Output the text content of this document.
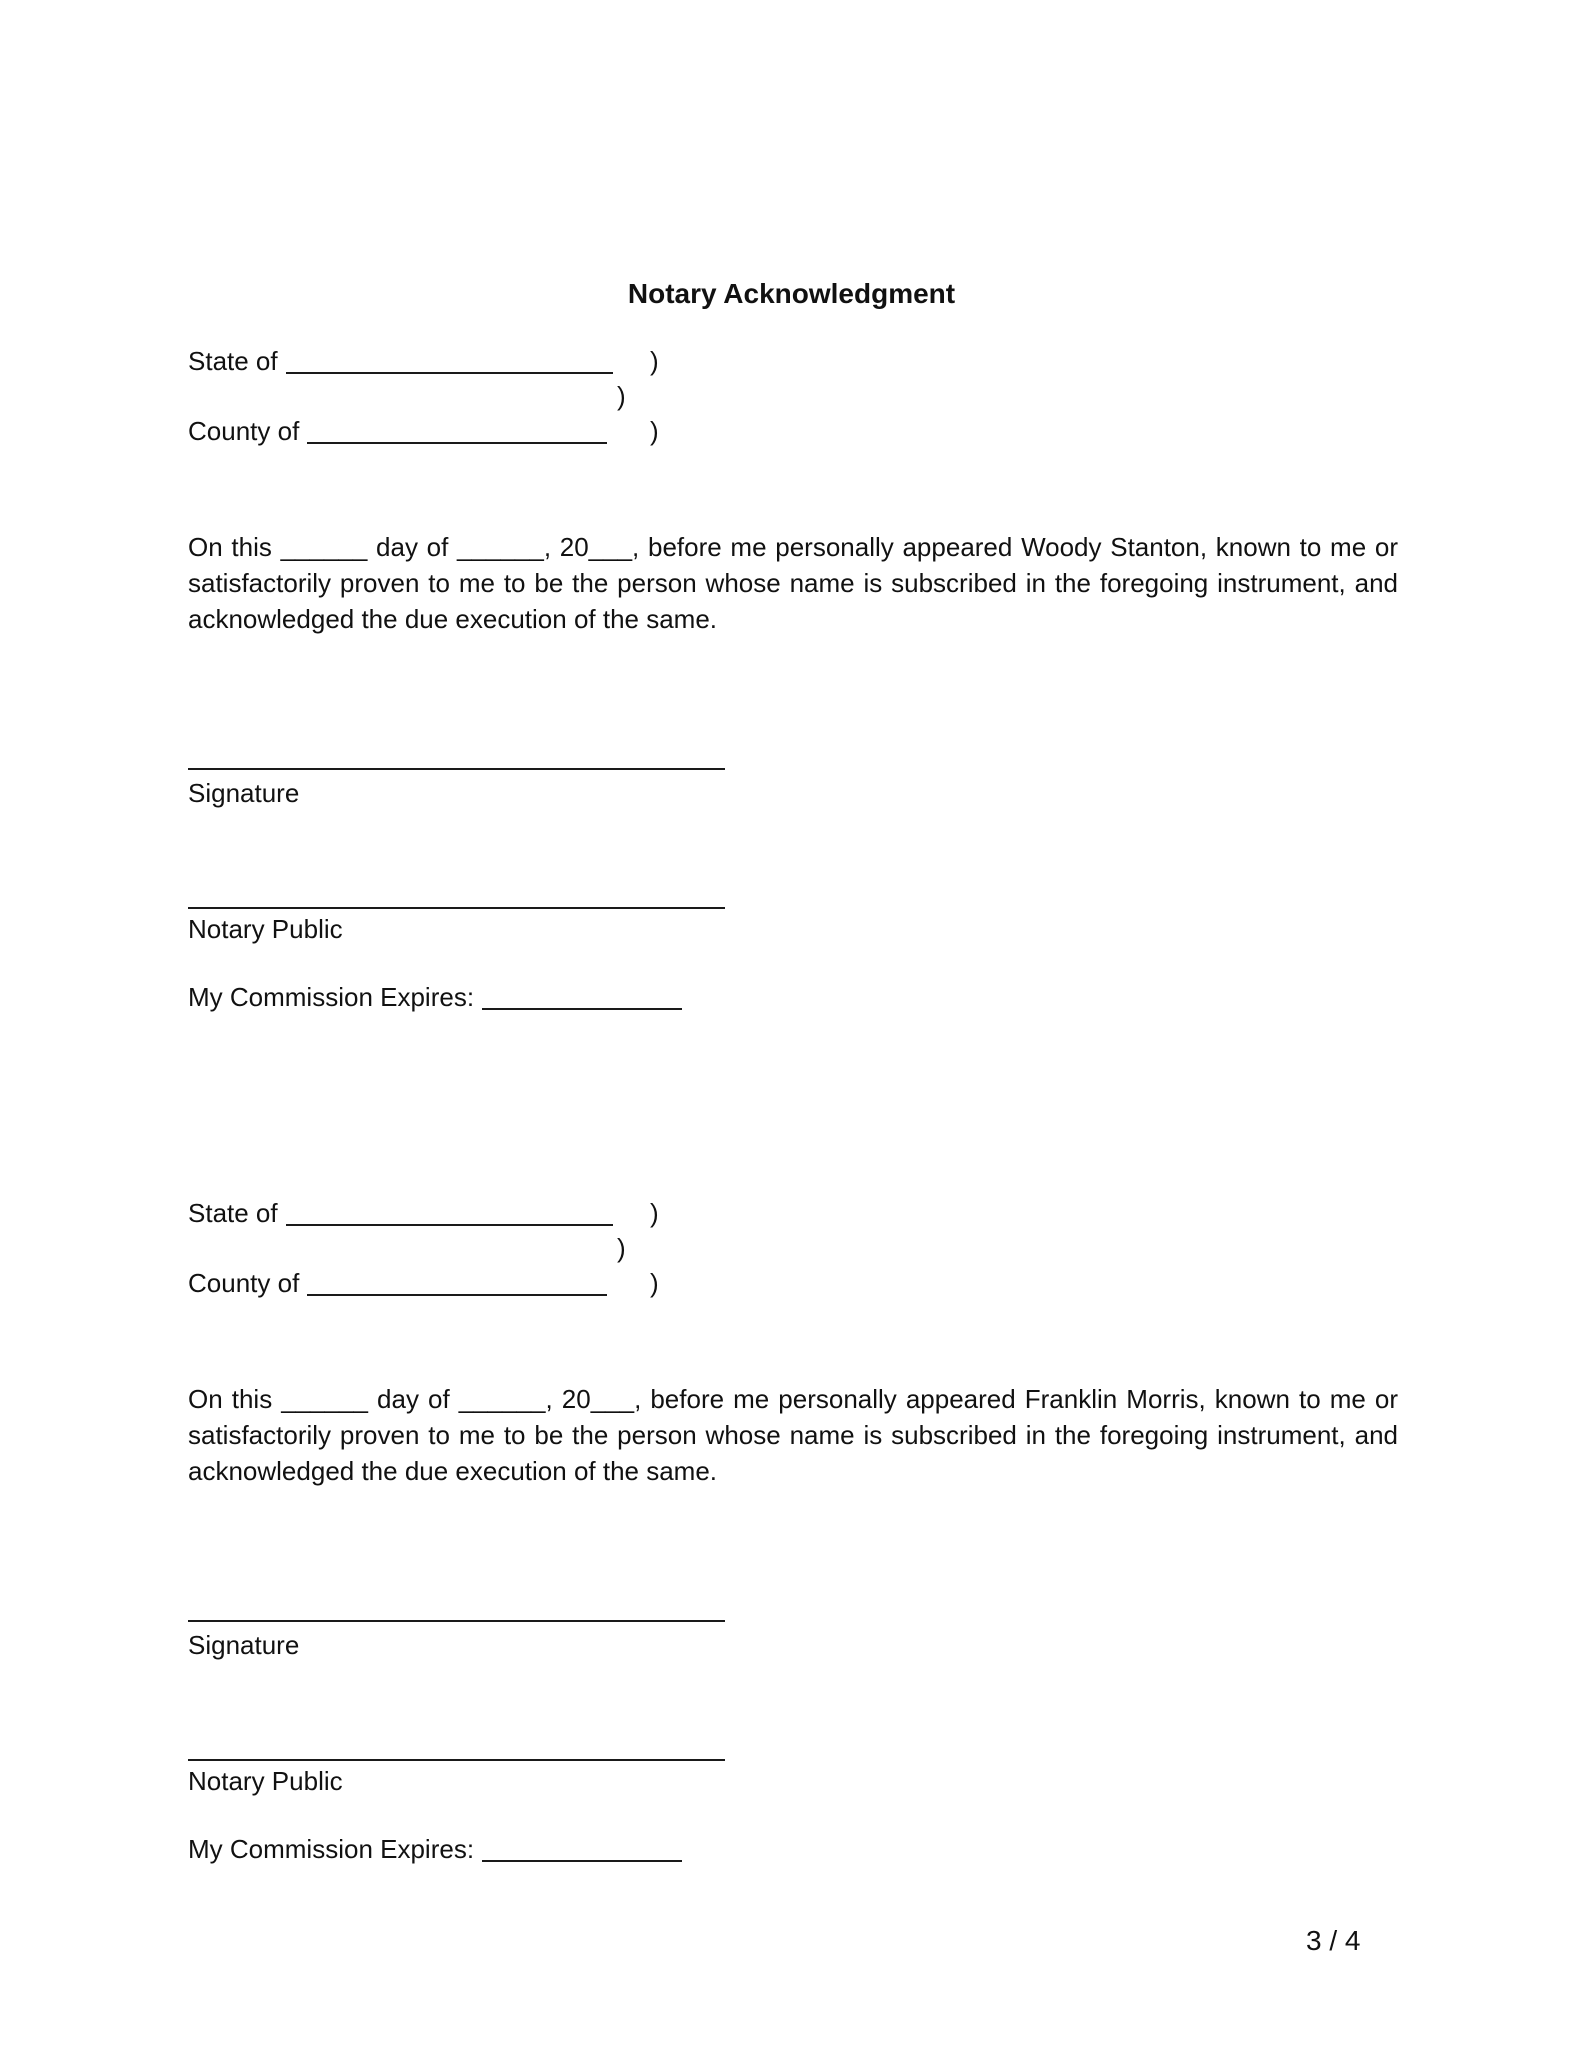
Notary Acknowledgment
State of	)
)
County of	)

On this ______ day of ______, 20___, before me personally appeared Woody Stanton, known to me or satisfactorily proven to me to be the person whose name is subscribed in the foregoing instrument, and acknowledged the due execution of the same.

Signature
Notary Public
My Commission Expires:
State of	)
)
County of	)

On this ______ day of ______, 20___, before me personally appeared Franklin Morris, known to me or satisfactorily proven to me to be the person whose name is subscribed in the foregoing instrument, and acknowledged the due execution of the same.

Signature
Notary Public
My Commission Expires:
3 / 4
